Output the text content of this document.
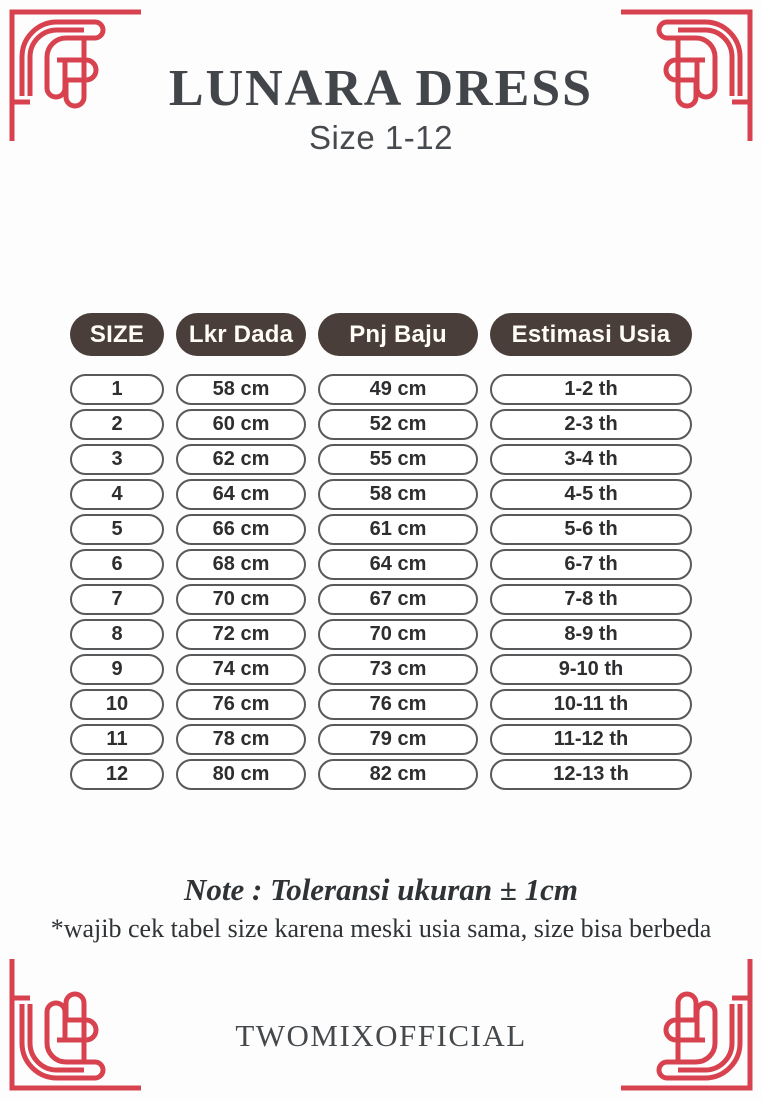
LUNARA DRESS
Size 1-12
SIZE	Lkr Dada	Pnj Baju	Estimasi Usia
1	58 cm	49 cm	1-2 th
2	60 cm	52 cm	2-3 th
3	62 cm	55 cm	3-4 th
4	64 cm	58 cm	4-5 th
5	66 cm	61 cm	5-6 th
6	68 cm	64 cm	6-7 th
7	70 cm	67 cm	7-8 th
8	72 cm	70 cm	8-9 th
9	74 cm	73 cm	9-10 th
10	76 cm	76 cm	10-11 th
11	78 cm	79 cm	11-12 th
12	80 cm	82 cm	12-13 th
Note : Toleransi ukuran ± 1cm
*wajib cek tabel size karena meski usia sama, size bisa berbeda
TWOMIXOFFICIAL
